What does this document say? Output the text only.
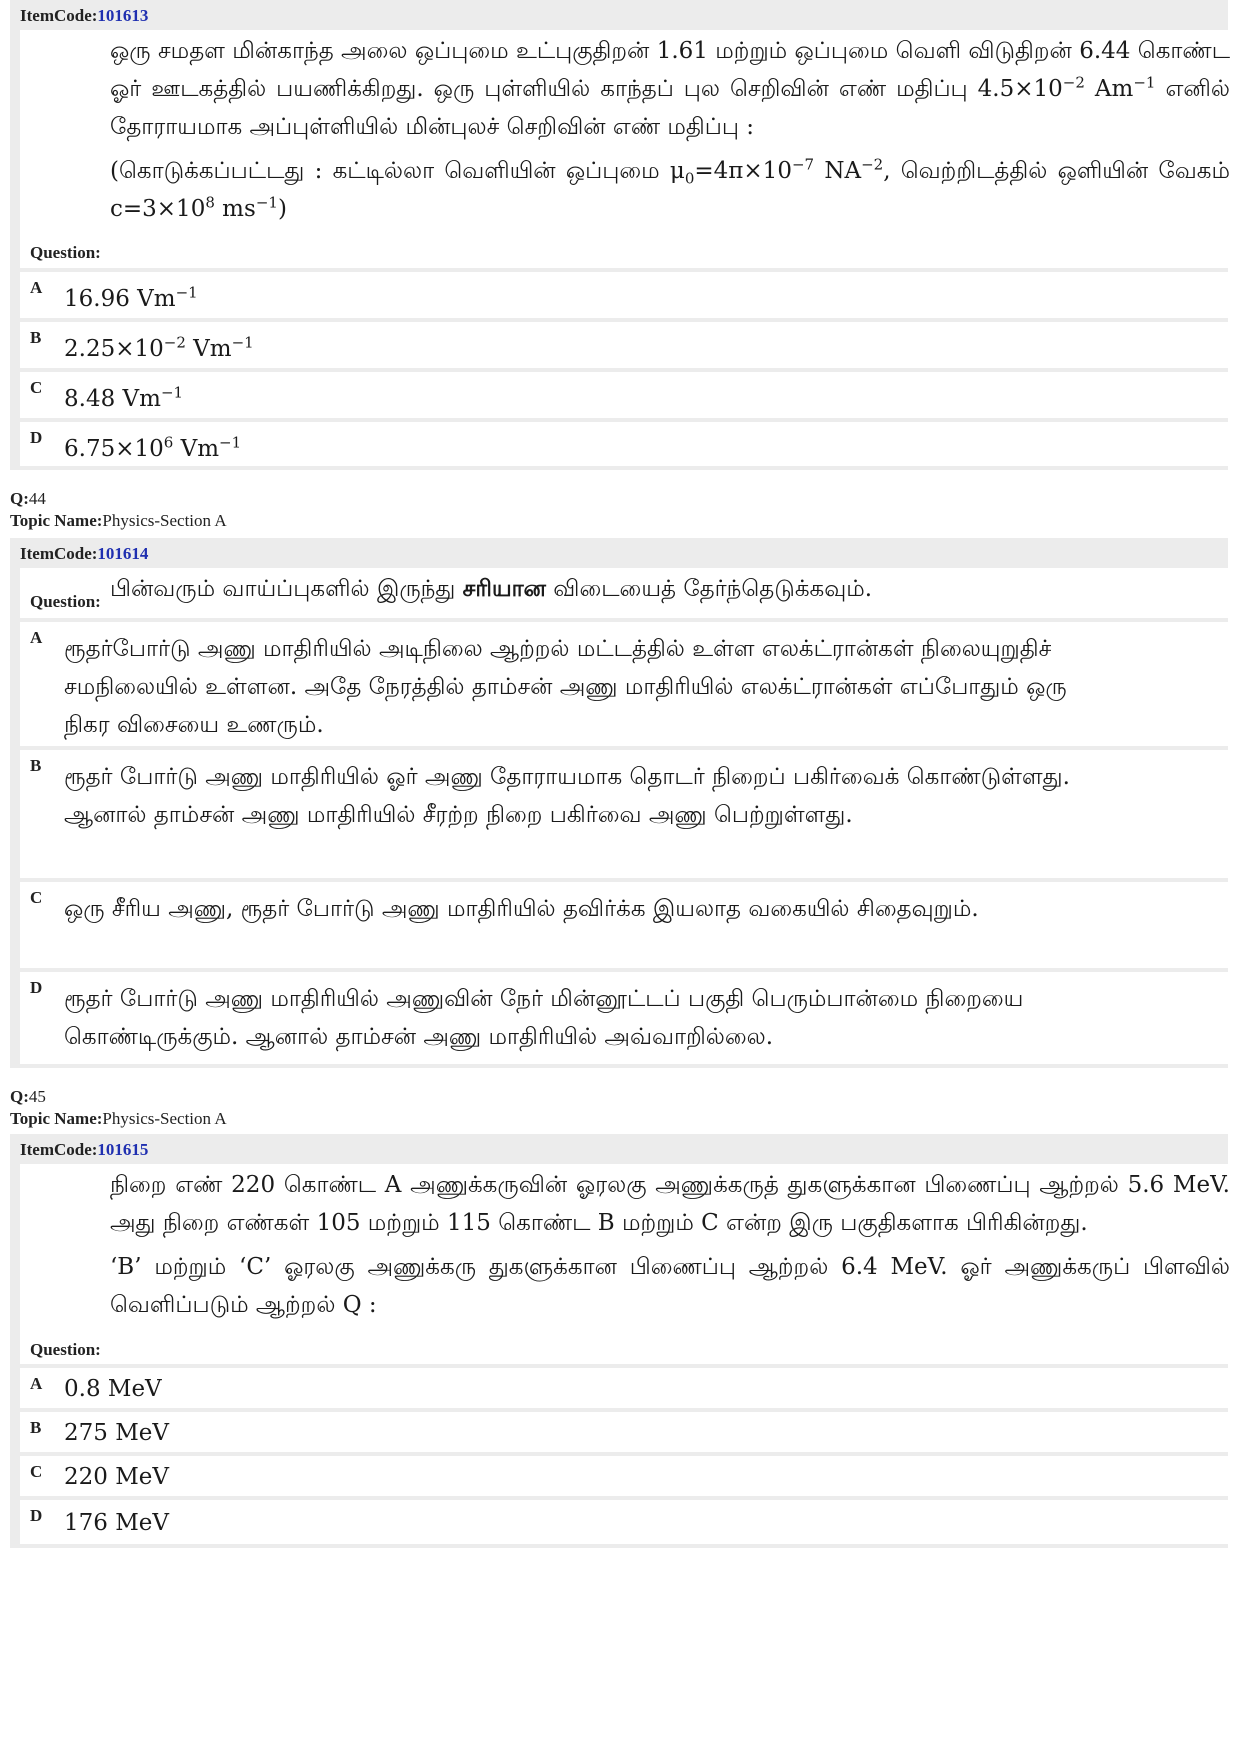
ItemCode:101613

ஒரு சமதள மின்காந்த அலை ஒப்புமை உட்புகுதிறன் 1.61 மற்றும் ஒப்புமை வெளி விடுதிறன் 6.44 கொண்ட ஓர் ஊடகத்தில் பயணிக்கிறது. ஒரு புள்ளியில் காந்தப் புல செறிவின் எண் மதிப்பு $4.5\times 10^{-2}$ $Am^{-1}$ எனில் தோராயமாக அப்புள்ளியில் மின்புலச் செறிவின் எண் மதிப்பு :

(கொடுக்கப்பட்டது : கட்டில்லா வெளியின் ஒப்புமை $\mu_0=4\pi\times 10^{-7}$ $NA^{-2}$, வெற்றிடத்தில் ஒளியின் வேகம் $c=3\times 10^8$ $ms^{-1}$)

Question:
A 16.96 $Vm^{-1}$
B $2.25\times 10^{-2}$ $Vm^{-1}$
C 8.48 $Vm^{-1}$
D $6.75\times 10^6$ $Vm^{-1}$
Q:44
Topic Name:Physics-Section A
ItemCode:101614

பின்வரும் வாய்ப்புகளில் இருந்து சரியான விடையைத் தேர்ந்தெடுக்கவும்.

Question:
A ரூதர்போர்டு அணு மாதிரியில் அடிநிலை ஆற்றல் மட்டத்தில் உள்ள எலக்ட்ரான்கள் நிலையுறுதிச் சமநிலையில் உள்ளன. அதே நேரத்தில் தாம்சன் அணு மாதிரியில் எலக்ட்ரான்கள் எப்போதும் ஒரு நிகர விசையை உணரும்.
B ரூதர் போர்டு அணு மாதிரியில் ஓர் அணு தோராயமாக தொடர் நிறைப் பகிர்வைக் கொண்டுள்ளது. ஆனால் தாம்சன் அணு மாதிரியில் சீரற்ற நிறை பகிர்வை அணு பெற்றுள்ளது.
C ஒரு சீரிய அணு, ரூதர் போர்டு அணு மாதிரியில் தவிர்க்க இயலாத வகையில் சிதைவுறும்.
D ரூதர் போர்டு அணு மாதிரியில் அணுவின் நேர் மின்னூட்டப் பகுதி பெரும்பான்மை நிறையை கொண்டிருக்கும். ஆனால் தாம்சன் அணு மாதிரியில் அவ்வாறில்லை.
Q:45
Topic Name:Physics-Section A
ItemCode:101615

நிறை எண் 220 கொண்ட A அணுக்கருவின் ஓரலகு அணுக்கருத் துகளுக்கான பிணைப்பு ஆற்றல் 5.6 MeV. அது நிறை எண்கள் 105 மற்றும் 115 கொண்ட B மற்றும் C என்ற இரு பகுதிகளாக பிரிகின்றது.

‘B’ மற்றும் ‘C’ ஓரலகு அணுக்கரு துகளுக்கான பிணைப்பு ஆற்றல் 6.4 MeV. ஓர் அணுக்கருப் பிளவில் வெளிப்படும் ஆற்றல் Q :

Question:
A 0.8 MeV
B 275 MeV
C 220 MeV
D 176 MeV
